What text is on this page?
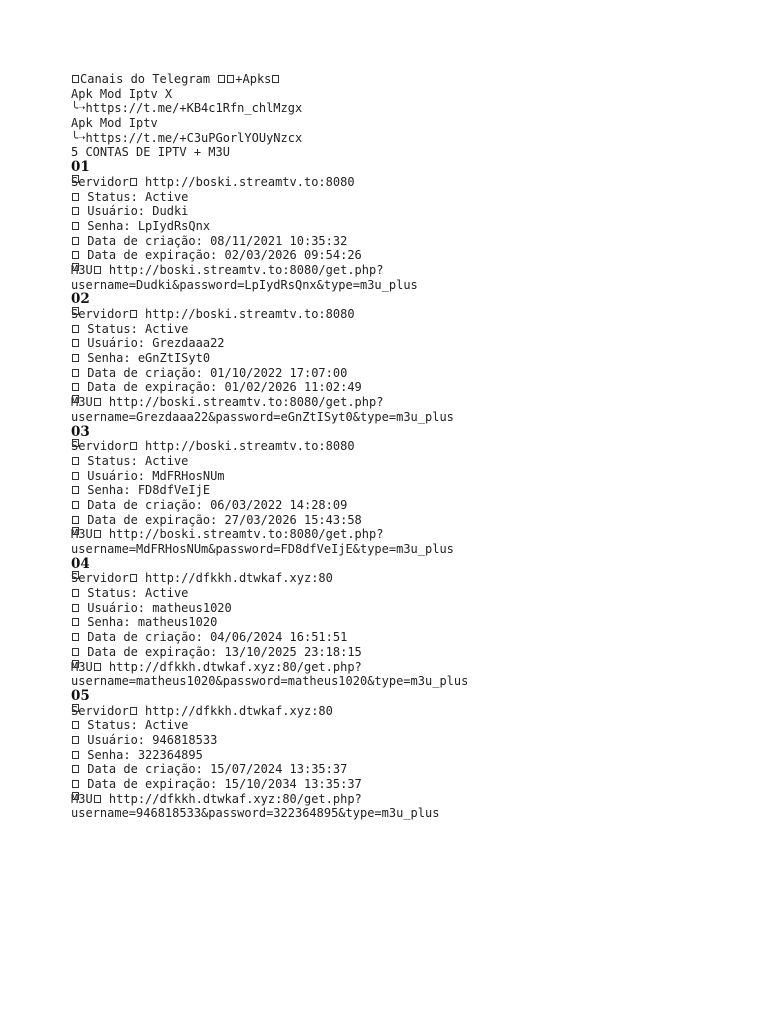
Canais do Telegram +Apks
Apk Mod Iptv X
╰➝https://t.me/+KB4c1Rfn_chlMzgx
Apk Mod Iptv
╰➝https://t.me/+C3uPGorlYOUyNzcx
5 CONTAS DE IPTV + M3U
01
Servidor http://boski.streamtv.to:8080
Status: Active
Usuário: Dudki
Senha: LpIydRsQnx
Data de criação: 08/11/2021 10:35:32
Data de expiração: 02/03/2026 09:54:26
M3U http://boski.streamtv.to:8080/get.php?
username=Dudki&password=LpIydRsQnx&type=m3u_plus
02
Servidor http://boski.streamtv.to:8080
Status: Active
Usuário: Grezdaaa22
Senha: eGnZtISyt0
Data de criação: 01/10/2022 17:07:00
Data de expiração: 01/02/2026 11:02:49
M3U http://boski.streamtv.to:8080/get.php?
username=Grezdaaa22&password=eGnZtISyt0&type=m3u_plus
03
Servidor http://boski.streamtv.to:8080
Status: Active
Usuário: MdFRHosNUm
Senha: FD8dfVeIjE
Data de criação: 06/03/2022 14:28:09
Data de expiração: 27/03/2026 15:43:58
M3U http://boski.streamtv.to:8080/get.php?
username=MdFRHosNUm&password=FD8dfVeIjE&type=m3u_plus
04
Servidor http://dfkkh.dtwkaf.xyz:80
Status: Active
Usuário: matheus1020
Senha: matheus1020
Data de criação: 04/06/2024 16:51:51
Data de expiração: 13/10/2025 23:18:15
M3U http://dfkkh.dtwkaf.xyz:80/get.php?
username=matheus1020&password=matheus1020&type=m3u_plus
05
Servidor http://dfkkh.dtwkaf.xyz:80
Status: Active
Usuário: 946818533
Senha: 322364895
Data de criação: 15/07/2024 13:35:37
Data de expiração: 15/10/2034 13:35:37
M3U http://dfkkh.dtwkaf.xyz:80/get.php?
username=946818533&password=322364895&type=m3u_plus
